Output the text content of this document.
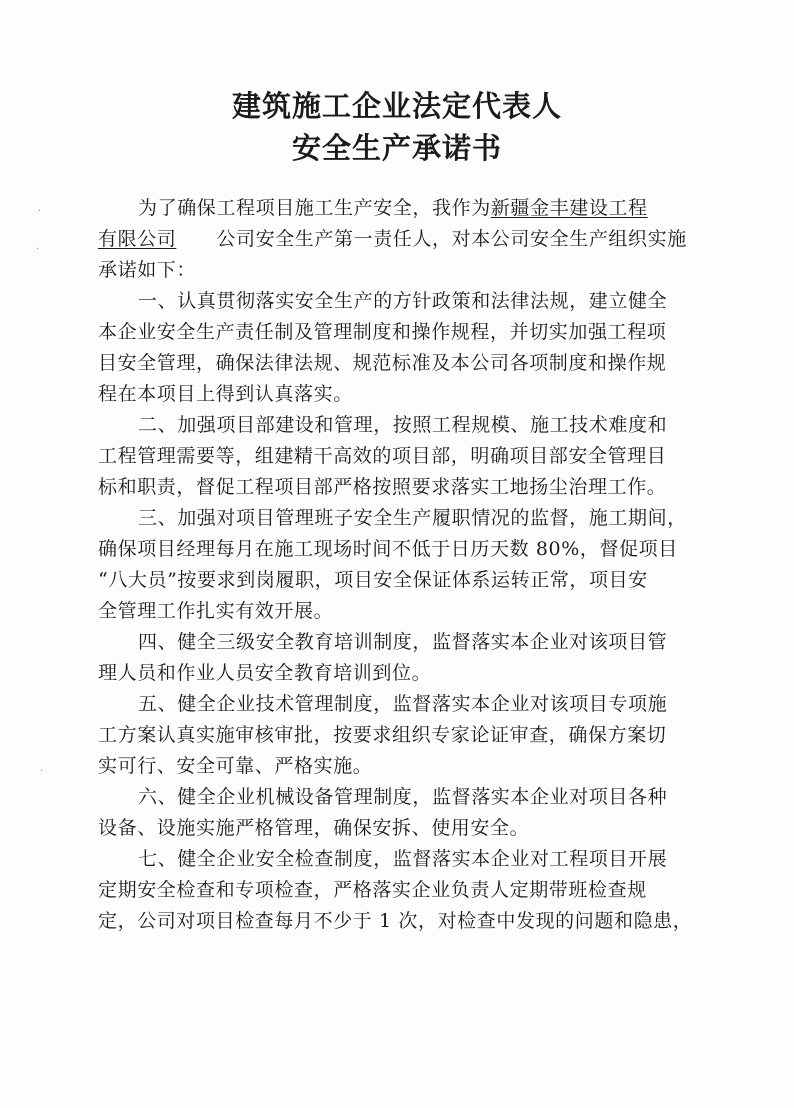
建筑施工企业法定代表人
安全生产承诺书
为了确保工程项目施工生产安全，我作为新疆金丰建设工程
有限公司 公司安全生产第一责任人，对本公司安全生产组织实施
承诺如下：
一、认真贯彻落实安全生产的方针政策和法律法规，建立健全
本企业安全生产责任制及管理制度和操作规程，并切实加强工程项
目安全管理，确保法律法规、规范标准及本公司各项制度和操作规
程在本项目上得到认真落实。
二、加强项目部建设和管理，按照工程规模、施工技术难度和
工程管理需要等，组建精干高效的项目部，明确项目部安全管理目
标和职责，督促工程项目部严格按照要求落实工地扬尘治理工作。
三、加强对项目管理班子安全生产履职情况的监督，施工期间，
确保项目经理每月在施工现场时间不低于日历天数 80%，督促项目
“八大员”按要求到岗履职，项目安全保证体系运转正常，项目安
全管理工作扎实有效开展。
四、健全三级安全教育培训制度，监督落实本企业对该项目管
理人员和作业人员安全教育培训到位。
五、健全企业技术管理制度，监督落实本企业对该项目专项施
工方案认真实施审核审批，按要求组织专家论证审查，确保方案切
实可行、安全可靠、严格实施。
六、健全企业机械设备管理制度，监督落实本企业对项目各种
设备、设施实施严格管理，确保安拆、使用安全。
七、健全企业安全检查制度，监督落实本企业对工程项目开展
定期安全检查和专项检查，严格落实企业负责人定期带班检查规
定，公司对项目检查每月不少于 1 次，对检查中发现的问题和隐患，
·
·
·
